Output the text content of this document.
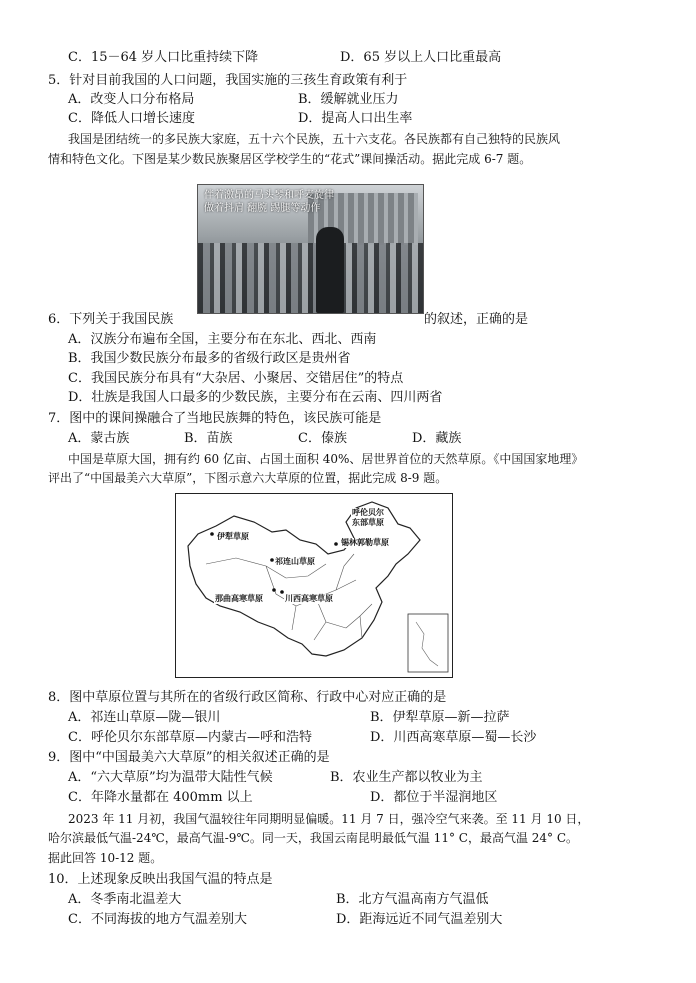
C．15－64 岁人口比重持续下降	D．65 岁以上人口比重最高
5．针对目前我国的人口问题，我国实施的三孩生育政策有利于
A．改变人口分布格局	B．缓解就业压力
C．降低人口增长速度	D．提高人口出生率
我国是团结统一的多民族大家庭，五十六个民族，五十六支花。各民族都有自己独特的民族风
情和特色文化。下图是某少数民族聚居区学校学生的“花式”课间操活动。据此完成 6-7 题。
伴着激昂的马头琴和呼麦旋律
做着抖肩 翻腕 踢腿等动作
6．下列关于我国民族	的叙述，正确的是
A．汉族分布遍布全国，主要分布在东北、西北、西南
B．我国少数民族分布最多的省级行政区是贵州省
C．我国民族分布具有“大杂居、小聚居、交错居住”的特点
D．壮族是我国人口最多的少数民族，主要分布在云南、四川两省
7．图中的课间操融合了当地民族舞的特色，该民族可能是
A．蒙古族	B．苗族	C．傣族	D．藏族
中国是草原大国，拥有约 60 亿亩、占国土面积 40%、居世界首位的天然草原。《中国国家地理》
评出了“中国最美六大草原”，下图示意六大草原的位置，据此完成 8-9 题。
呼伦贝尔
东部草原
锡林郭勒草原
伊犁草原
祁连山草原
那曲高寒草原	川西高寒草原
8．图中草原位置与其所在的省级行政区简称、行政中心对应正确的是
A．祁连山草原—陇—银川	B．伊犁草原—新—拉萨
C．呼伦贝尔东部草原—内蒙古—呼和浩特	D．川西高寒草原—蜀—长沙
9．图中“中国最美六大草原”的相关叙述正确的是
A．“六大草原”均为温带大陆性气候	B．农业生产都以牧业为主
C．年降水量都在 400mm 以上	D．都位于半湿润地区
2023 年 11 月初，我国气温较往年同期明显偏暖。11 月 7 日，强冷空气来袭。至 11 月 10 日，
哈尔滨最低气温-24℃，最高气温-9℃。同一天，我国云南昆明最低气温 11° C，最高气温 24° C。
据此回答 10-12 题。
10．上述现象反映出我国气温的特点是
A．冬季南北温差大	B．北方气温高南方气温低
C．不同海拔的地方气温差别大	D．距海远近不同气温差别大
